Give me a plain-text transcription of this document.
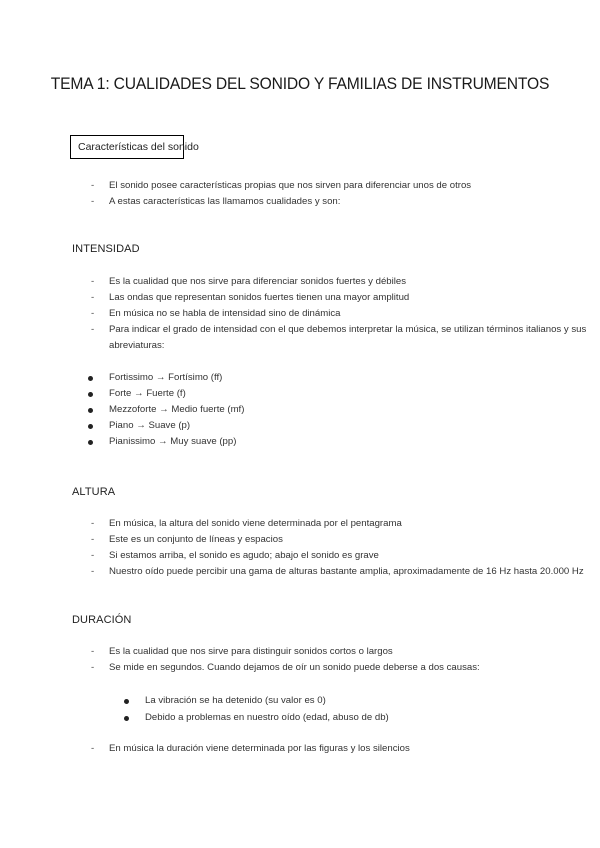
TEMA 1: CUALIDADES DEL SONIDO Y FAMILIAS DE INSTRUMENTOS
Características del sonido
- El sonido posee características propias que nos sirven para diferenciar unos de otros
- A estas características las llamamos cualidades y son:
INTENSIDAD
- Es la cualidad que nos sirve para diferenciar sonidos fuertes y débiles
- Las ondas que representan sonidos fuertes tienen una mayor amplitud
- En música no se habla de intensidad sino de dinámica
- Para indicar el grado de intensidad con el que debemos interpretar la música, se utilizan términos italianos y sus
abreviaturas:
Fortissimo → Fortísimo (ff)
Forte → Fuerte (f)
Mezzoforte → Medio fuerte (mf)
Piano → Suave (p)
Pianissimo → Muy suave (pp)
ALTURA
- En música, la altura del sonido viene determinada por el pentagrama
- Este es un conjunto de líneas y espacios
- Si estamos arriba, el sonido es agudo; abajo el sonido es grave
- Nuestro oído puede percibir una gama de alturas bastante amplia, aproximadamente de 16 Hz hasta 20.000 Hz
DURACIÓN
- Es la cualidad que nos sirve para distinguir sonidos cortos o largos
- Se mide en segundos. Cuando dejamos de oír un sonido puede deberse a dos causas:
La vibración se ha detenido (su valor es 0)
Debido a problemas en nuestro oído (edad, abuso de db)
- En música la duración viene determinada por las figuras y los silencios
